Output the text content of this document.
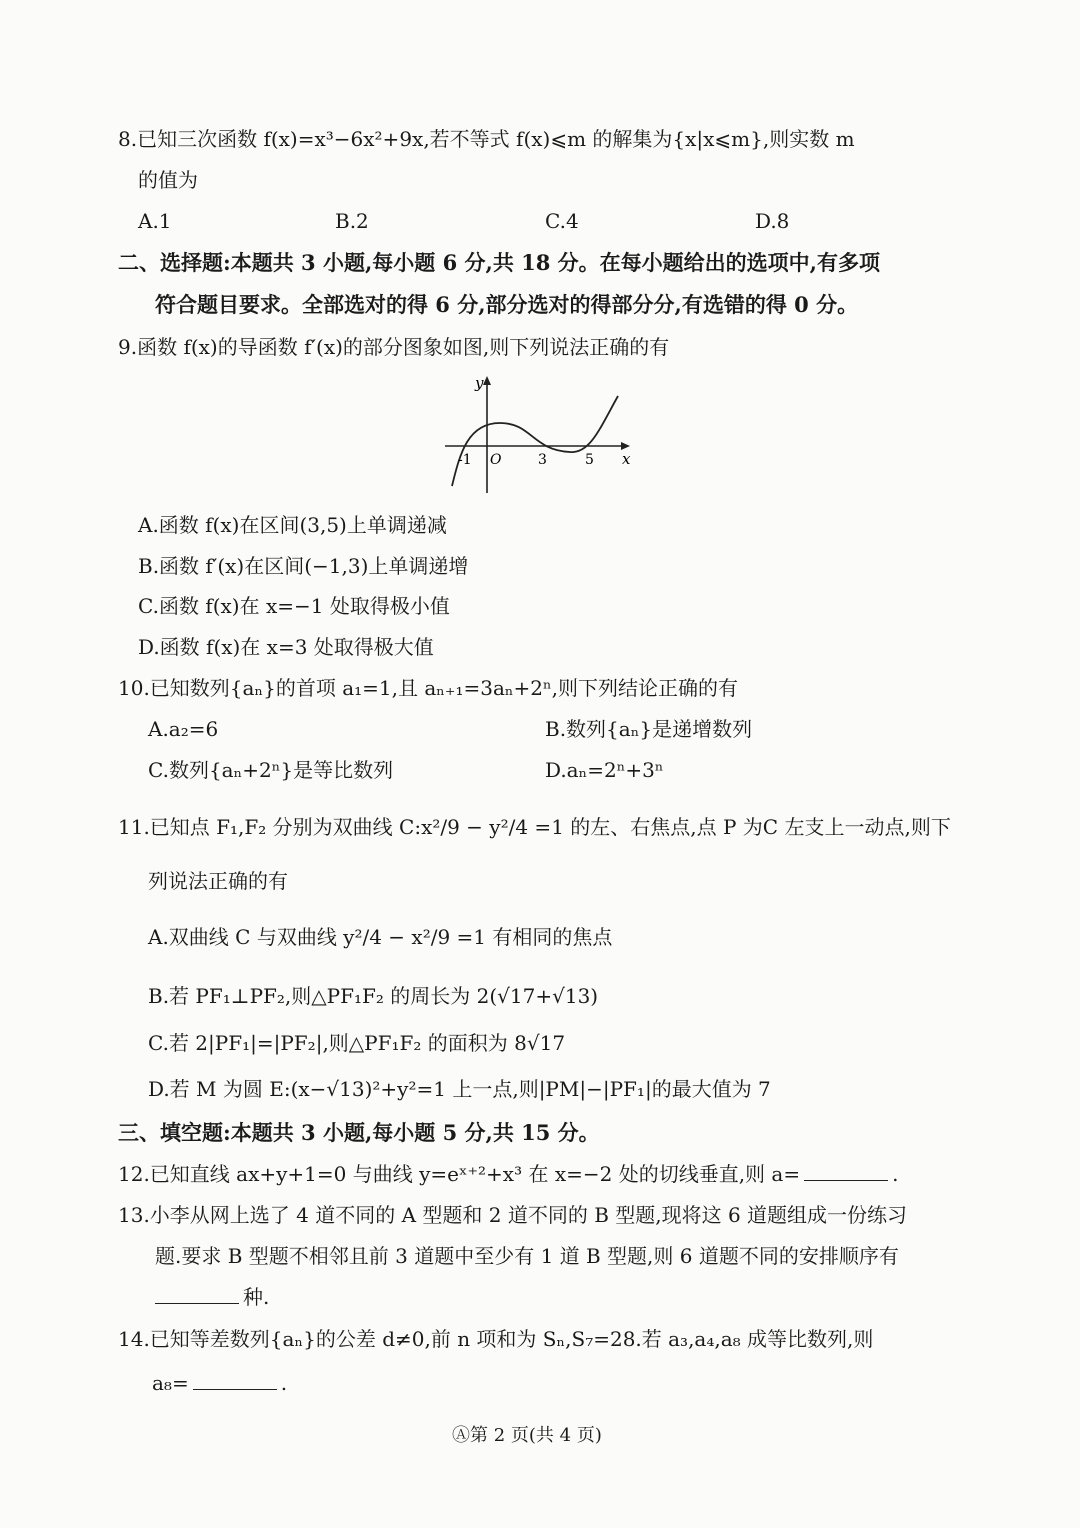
8.已知三次函数 f(x)=x³−6x²+9x,若不等式 f(x)⩽m 的解集为{x|x⩽m},则实数 m
的值为
A.1	B.2	C.4	D.8
二、选择题:本题共 3 小题,每小题 6 分,共 18 分。在每小题给出的选项中,有多项
符合题目要求。全部选对的得 6 分,部分选对的得部分分,有选错的得 0 分。
9.函数 f(x)的导函数 f′(x)的部分图象如图,则下列说法正确的有
y
x
-1 O	3	5
A.函数 f(x)在区间(3,5)上单调递减
B.函数 f′(x)在区间(−1,3)上单调递增
C.函数 f(x)在 x=−1 处取得极小值
D.函数 f(x)在 x=3 处取得极大值
10.已知数列{aₙ}的首项 a₁=1,且 aₙ₊₁=3aₙ+2ⁿ,则下列结论正确的有
A.a₂=6	B.数列{aₙ}是递增数列
C.数列{aₙ+2ⁿ}是等比数列	D.aₙ=2ⁿ+3ⁿ
11.已知点 F₁,F₂ 分别为双曲线 C:x²/9 − y²/4 =1 的左、右焦点,点 P 为C 左支上一动点,则下
列说法正确的有
A.双曲线 C 与双曲线 y²/4 − x²/9 =1 有相同的焦点
B.若 PF₁⊥PF₂,则△PF₁F₂ 的周长为 2(√17+√13)
C.若 2|PF₁|=|PF₂|,则△PF₁F₂ 的面积为 8√17
D.若 M 为圆 E:(x−√13)²+y²=1 上一点,则|PM|−|PF₁|的最大值为 7
三、填空题:本题共 3 小题,每小题 5 分,共 15 分。
12.已知直线 ax+y+1=0 与曲线 y=eˣ⁺²+x³ 在 x=−2 处的切线垂直,则 a=	.
13.小李从网上选了 4 道不同的 A 型题和 2 道不同的 B 型题,现将这 6 道题组成一份练习
题.要求 B 型题不相邻且前 3 道题中至少有 1 道 B 型题,则 6 道题不同的安排顺序有
种.
14.已知等差数列{aₙ}的公差 d≠0,前 n 项和为 Sₙ,S₇=28.若 a₃,a₄,a₈ 成等比数列,则
a₈=	.
Ⓐ第 2 页(共 4 页)
